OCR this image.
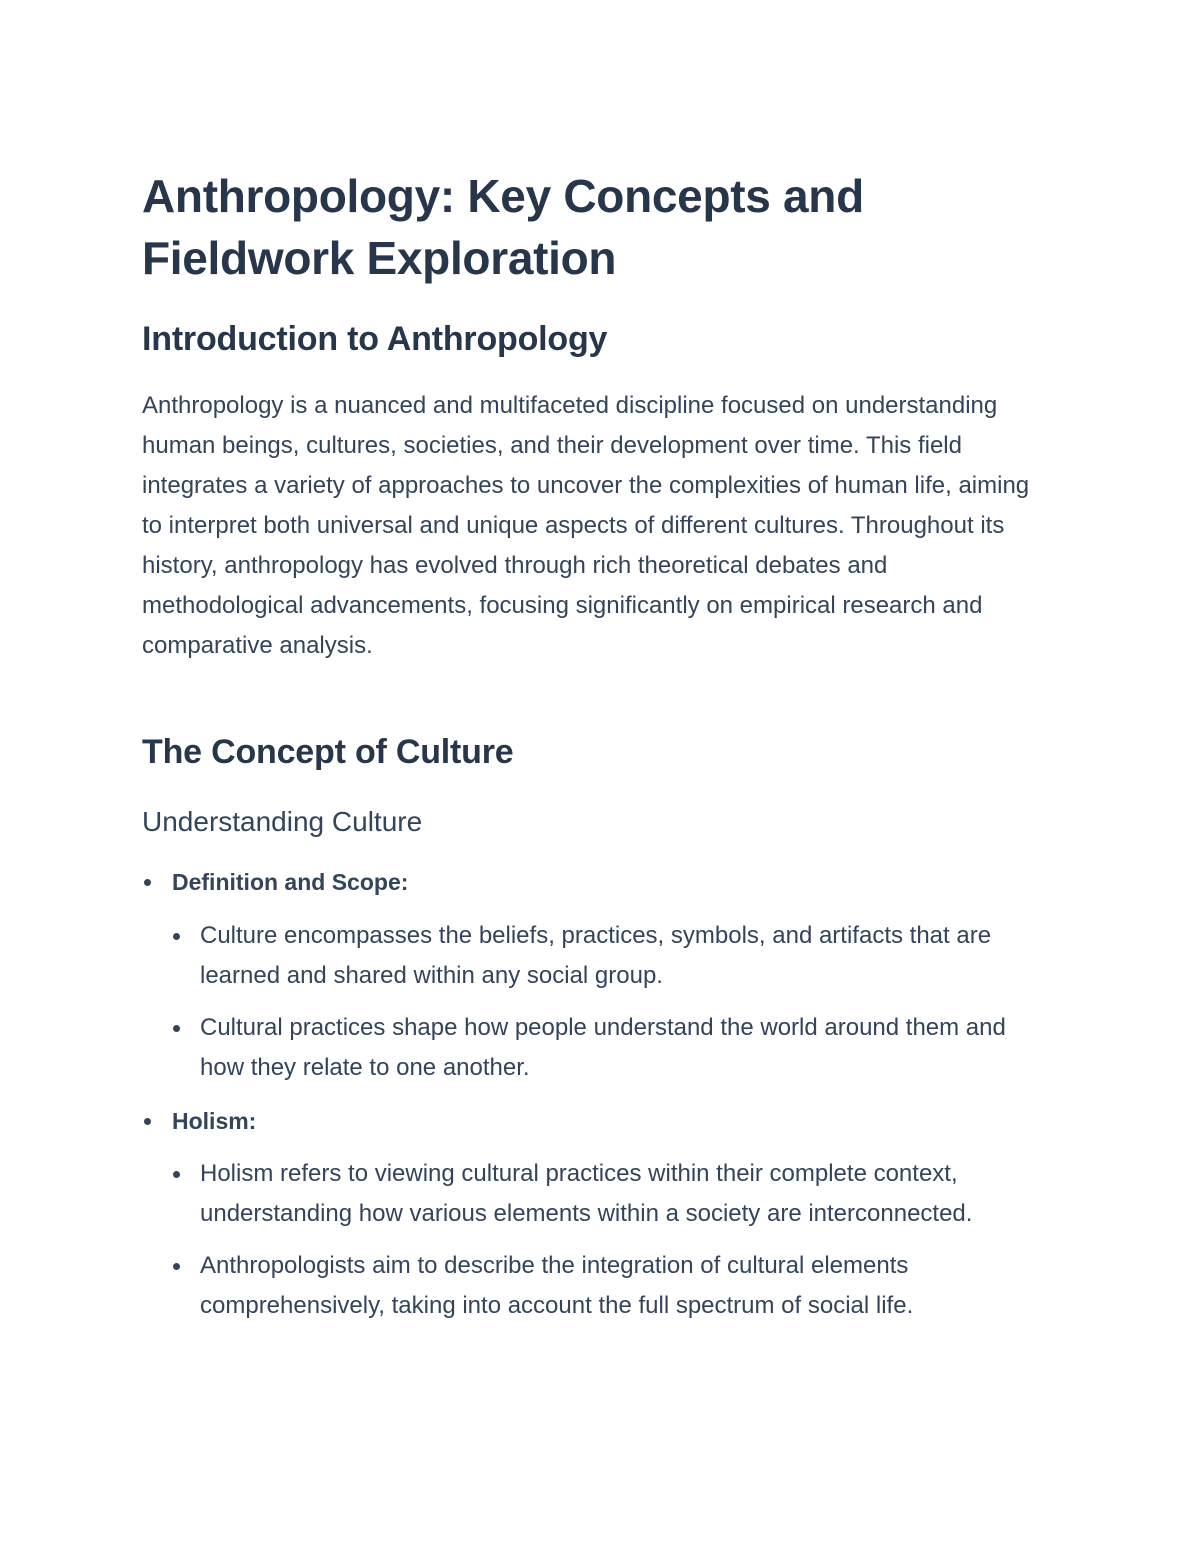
Anthropology: Key Concepts and Fieldwork Exploration
Introduction to Anthropology

Anthropology is a nuanced and multifaceted discipline focused on understanding human beings, cultures, societies, and their development over time. This field integrates a variety of approaches to uncover the complexities of human life, aiming to interpret both universal and unique aspects of different cultures. Throughout its history, anthropology has evolved through rich theoretical debates and methodological advancements, focusing significantly on empirical research and comparative analysis.

The Concept of Culture
Understanding Culture
Definition and Scope:
Culture encompasses the beliefs, practices, symbols, and artifacts that are learned and shared within any social group.
Cultural practices shape how people understand the world around them and how they relate to one another.
Holism:
Holism refers to viewing cultural practices within their complete context, understanding how various elements within a society are interconnected.
Anthropologists aim to describe the integration of cultural elements comprehensively, taking into account the full spectrum of social life.
